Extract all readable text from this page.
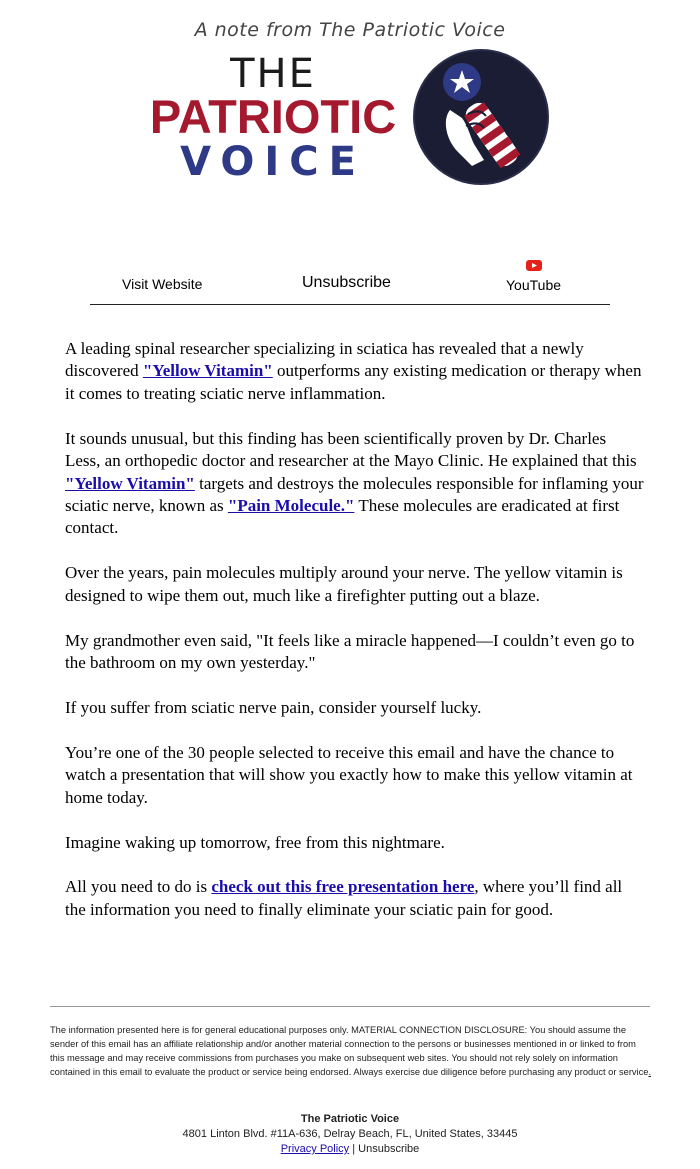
A note from The Patriotic Voice
THE
PATRIOTIC
VOICE
Visit Website	Unsubscribe	YouTube

A leading spinal researcher specializing in sciatica has revealed that a newly discovered "Yellow Vitamin" outperforms any existing medication or therapy when it comes to treating sciatic nerve inflammation.

It sounds unusual, but this finding has been scientifically proven by Dr. Charles Less, an orthopedic doctor and researcher at the Mayo Clinic. He explained that this "Yellow Vitamin" targets and destroys the molecules responsible for inflaming your sciatic nerve, known as "Pain Molecule." These molecules are eradicated at first contact.

Over the years, pain molecules multiply around your nerve. The yellow vitamin is designed to wipe them out, much like a firefighter putting out a blaze.

My grandmother even said, "It feels like a miracle happened—I couldn’t even go to the bathroom on my own yesterday."

If you suffer from sciatic nerve pain, consider yourself lucky.

You’re one of the 30 people selected to receive this email and have the chance to watch a presentation that will show you exactly how to make this yellow vitamin at home today.

Imagine waking up tomorrow, free from this nightmare.

All you need to do is check out this free presentation here, where you’ll find all the information you need to finally eliminate your sciatic pain for good.

The information presented here is for general educational purposes only. MATERIAL CONNECTION DISCLOSURE: You should assume the sender of this email has an affiliate relationship and/or another material connection to the persons or businesses mentioned in or linked to from this message and may receive commissions from purchases you make on subsequent web sites. You should not rely solely on information contained in this email to evaluate the product or service being endorsed. Always exercise due diligence before purchasing any product or service.
The Patriotic Voice
4801 Linton Blvd. #11A-636, Delray Beach, FL, United States, 33445
Privacy Policy | Unsubscribe
